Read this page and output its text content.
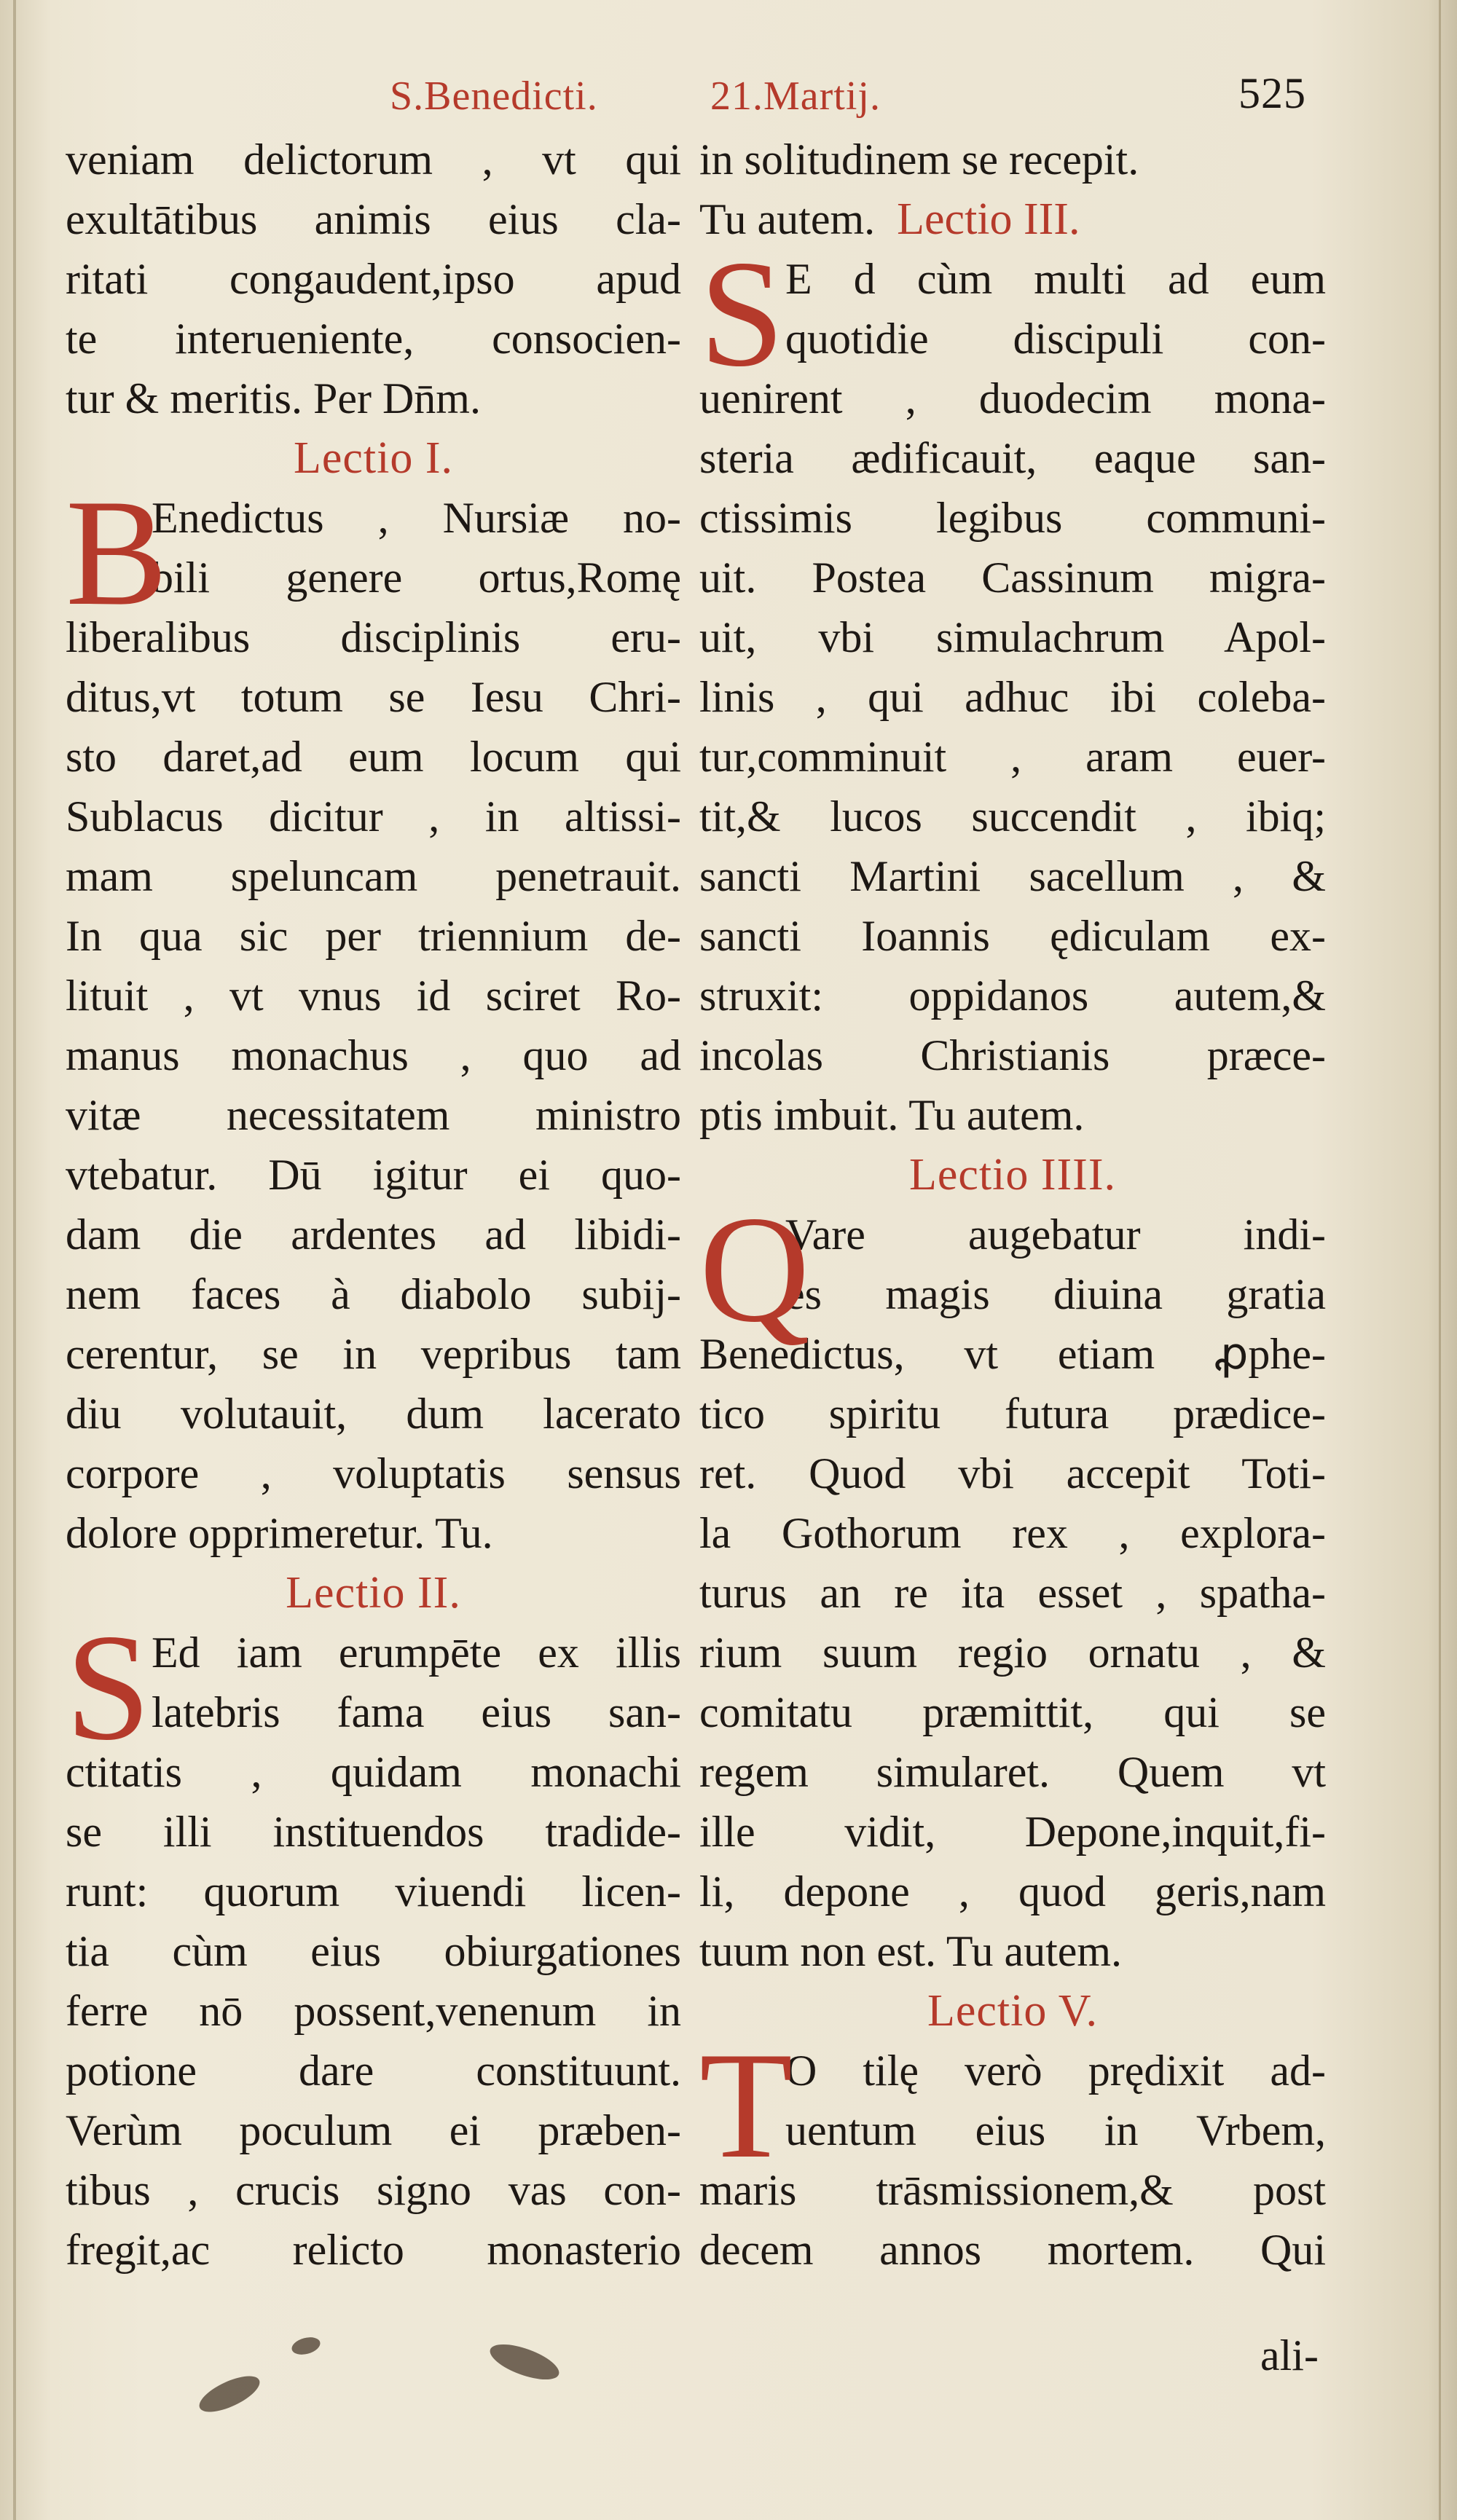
S.Benedicti.	21.Martij.	525
veniam delictorum , vt qui
exultātibus animis eius cla-
ritati congaudent,ipso apud
te interueniente, consocien-
tur & meritis. Per Dn̄m.
Lectio I.
B
Enedictus , Nursiæ no-
bili genere ortus,Romę
liberalibus disciplinis eru-
ditus,vt totum se Iesu Chri-
sto daret,ad eum locum qui
Sublacus dicitur , in altissi-
mam speluncam penetrauit.
In qua sic per triennium de-
lituit , vt vnus id sciret Ro-
manus monachus , quo ad
vitæ necessitatem ministro
vtebatur. Dū igitur ei quo-
dam die ardentes ad libidi-
nem faces à diabolo subij-
cerentur, se in vepribus tam
diu volutauit, dum lacerato
corpore , voluptatis sensus
dolore opprimeretur. Tu.
Lectio II.
S Ed iam erumpēte ex illis
latebris fama eius san-
ctitatis , quidam monachi
se illi instituendos tradide-
runt: quorum viuendi licen-
tia cùm eius obiurgationes
ferre nō possent,venenum in
potione dare constituunt.
Verùm poculum ei præben-
tibus , crucis signo vas con-
fregit,ac relicto monasterio
in solitudinem se recepit.
Tu autem. Lectio III.
S E d cùm multi ad eum
quotidie discipuli con-
uenirent , duodecim mona-
steria ædificauit, eaque san-
ctissimis legibus communi-
uit. Postea Cassinum migra-
uit, vbi simulachrum Apol-
linis , qui adhuc ibi coleba-
tur,comminuit , aram euer-
tit,& lucos succendit , ibiq;
sancti Martini sacellum , &
sancti Ioannis ędiculam ex-
struxit: oppidanos autem,&
incolas Christianis præce-
ptis imbuit. Tu autem.
Lectio IIII.
Q
Vare augebatur indi-
es magis diuina gratia
Benedictus, vt etiam ꝓphe-
tico spiritu futura prædice-
ret. Quod vbi accepit Toti-
la Gothorum rex , explora-
turus an re ita esset , spatha-
rium suum regio ornatu , &
comitatu præmittit, qui se
regem simularet. Quem vt
ille vidit, Depone,inquit,fi-
li, depone , quod geris,nam
tuum non est. Tu autem.
Lectio V.
T
O tilę verò prędixit ad-
uentum eius in Vrbem,
maris trāsmissionem,& post
decem annos mortem. Qui
ali-
